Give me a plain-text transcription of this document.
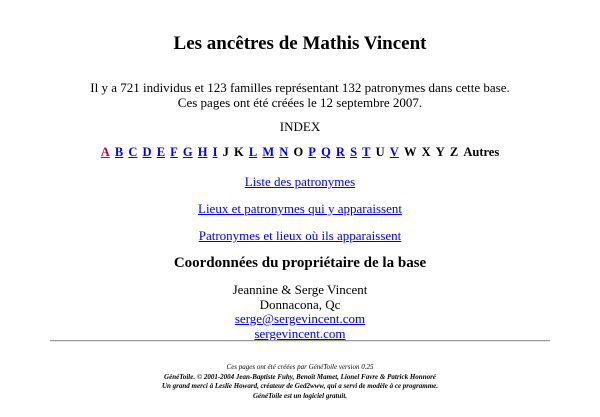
Les ancêtres de Mathis Vincent
Il y a 721 individus et 123 familles représentant 132 patronymes dans cette base.
Ces pages ont été créées le 12 septembre 2007.
INDEX
A B C D E F G H I J K L M N O P Q R S T U V W X Y Z Autres
Liste des patronymes
Lieux et patronymes qui y apparaissent
Patronymes et lieux où ils apparaissent
Coordonnées du propriétaire de la base
Jeannine & Serge Vincent
Donnacona, Qc
serge@sergevincent.com
sergevincent.com
Ces pages ont été créées par GénéToile version 0.25
GénéToile. © 2001-2004 Jean-Baptiste Fuhy, Benoît Mamet, Lionel Favre & Patrick Honnoré
Un grand merci à Leslie Howard, créateur de Ged2www, qui a servi de modèle à ce programme.
GénéToile est un logiciel gratuit.
